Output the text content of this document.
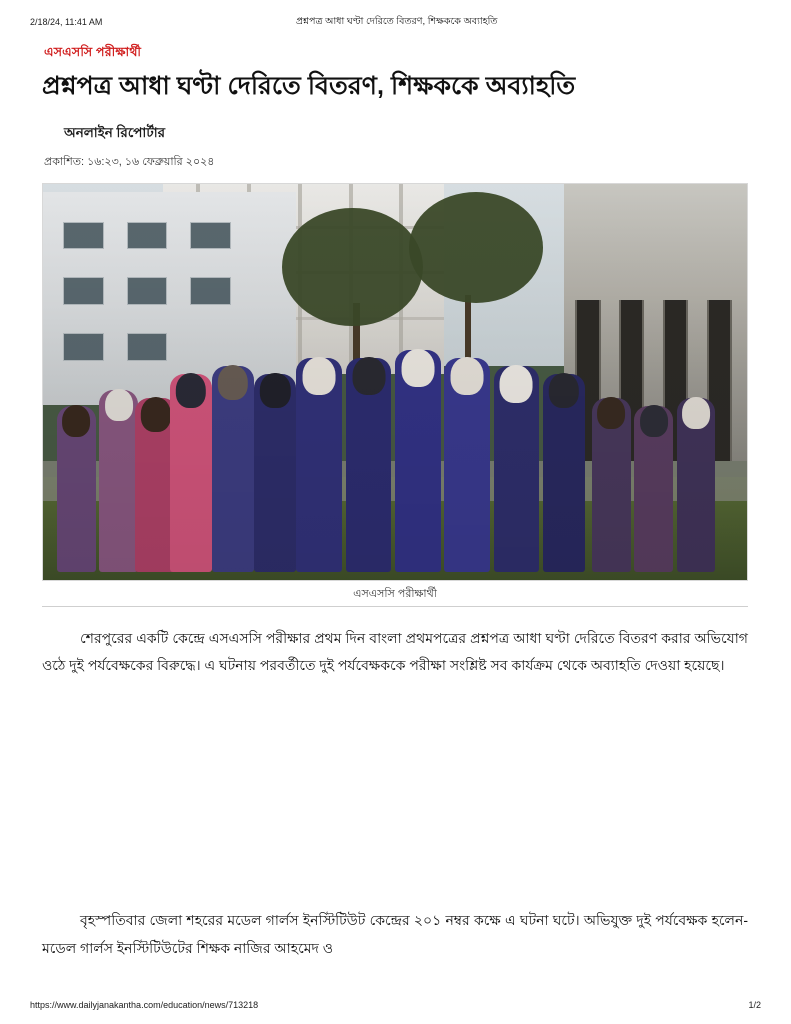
2/18/24, 11:41 AM	প্রশ্নপত্র আধা ঘণ্টা দেরিতে বিতরণ, শিক্ষককে অব্যাহতি
এসএসসি পরীক্ষার্থী
প্রশ্নপত্র আধা ঘণ্টা দেরিতে বিতরণ, শিক্ষককে অব্যাহতি
অনলাইন রিপোর্টার
প্রকাশিত: ১৬:২৩, ১৬ ফেব্রুয়ারি ২০২৪
এসএসসি পরীক্ষার্থী

শেরপুরের একটি কেন্দ্রে এসএসসি পরীক্ষার প্রথম দিন বাংলা প্রথমপত্রের প্রশ্নপত্র আধা ঘণ্টা দেরিতে বিতরণ করার অভিযোগ ওঠে দুই পর্যবেক্ষকের বিরুদ্ধে। এ ঘটনায় পরবর্তীতে দুই পর্যবেক্ষককে পরীক্ষা সংশ্লিষ্ট সব কার্যক্রম থেকে অব্যাহতি দেওয়া হয়েছে।

বৃহস্পতিবার জেলা শহরের মডেল গার্লস ইনস্টিটিউট কেন্দ্রের ২০১ নম্বর কক্ষে এ ঘটনা ঘটে। অভিযুক্ত দুই পর্যবেক্ষক হলেন- মডেল গার্লস ইনস্টিটিউটের শিক্ষক নাজির আহমেদ ও

https://www.dailyjanakantha.com/education/news/713218	1/2
